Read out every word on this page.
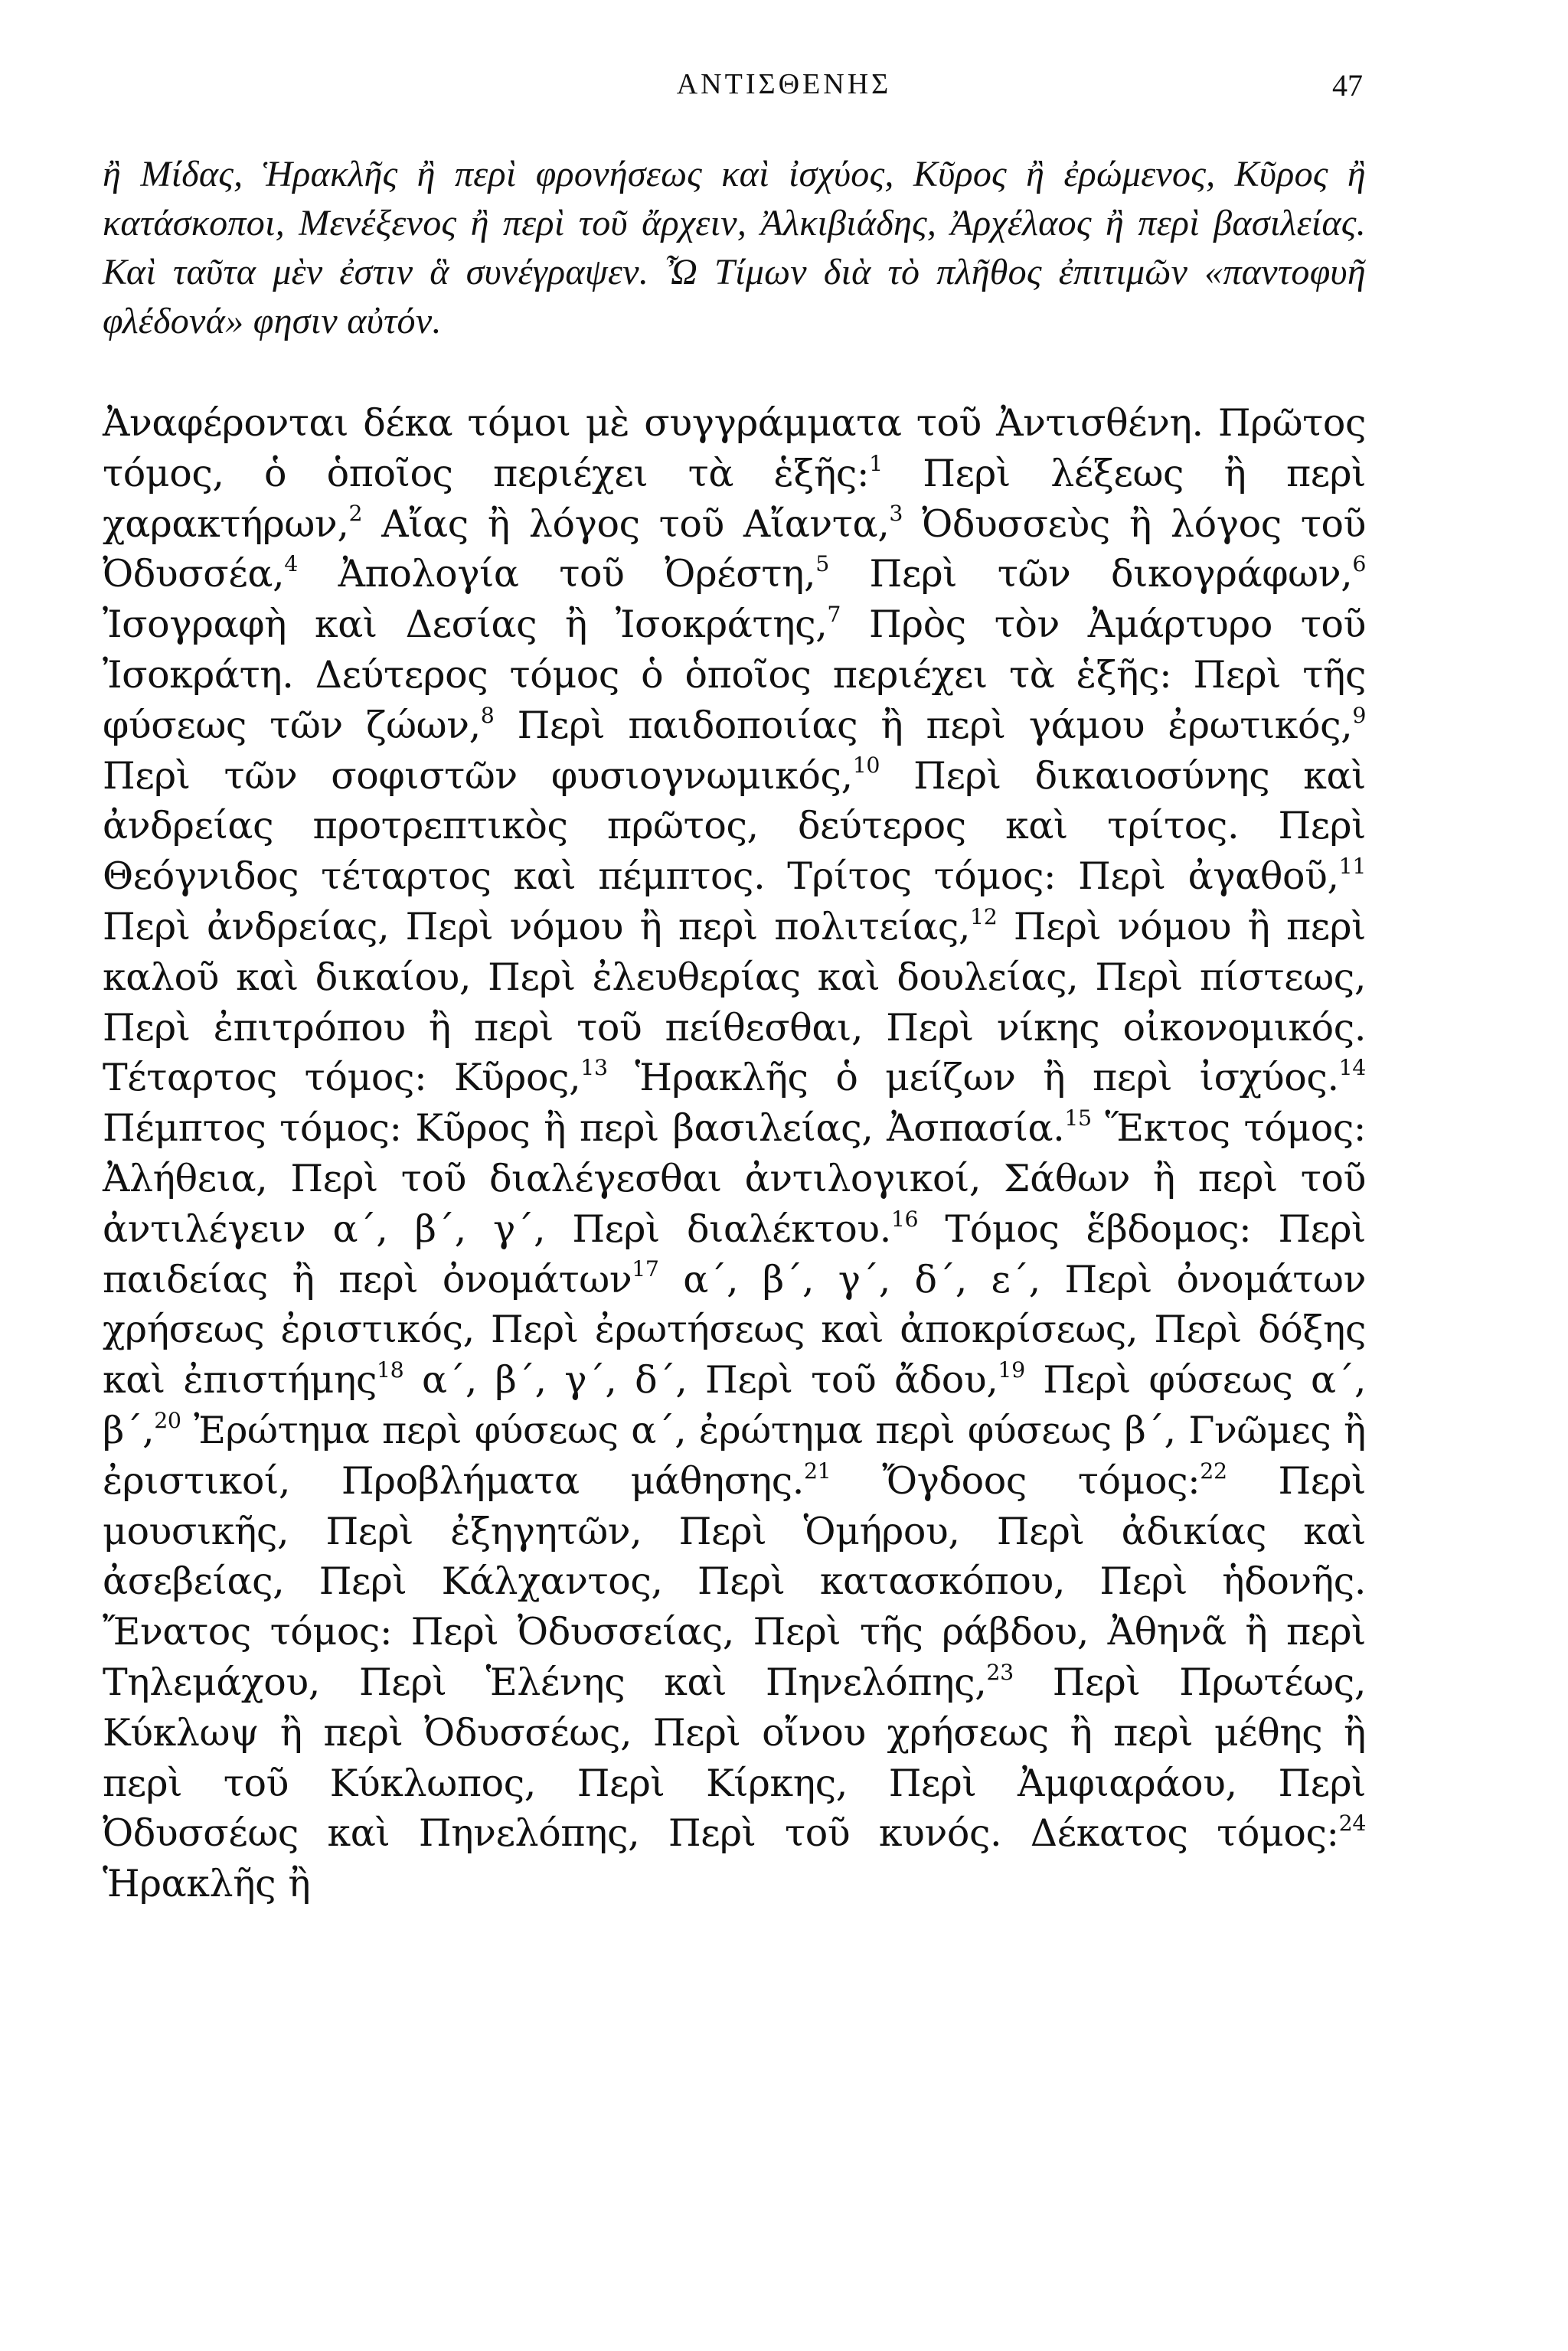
ΑΝΤΙΣΘΕΝΗΣ	47

ἢ Μίδας, Ἡρακλῆς ἢ περὶ φρονήσεως καὶ ἰσχύος, Κῦρος ἢ ἐρώμενος, Κῦρος ἢ κατάσκοποι, Μενέξενος ἢ περὶ τοῦ ἄρχειν, Ἀλκιβιάδης, Ἀρχέλαος ἢ περὶ βασιλείας. Καὶ ταῦτα μὲν ἐστιν ἃ συνέγραψεν. Ὦ Τίμων διὰ τὸ πλῆθος ἐπιτιμῶν «παντοφυῆ φλέδονά» φησιν αὐτόν.

Ἀναφέρονται δέκα τόμοι μὲ συγγράμματα τοῦ Ἀντισθένη. Πρῶτος τόμος, ὁ ὁποῖος περιέχει τὰ ἑξῆς:$^1$ Περὶ λέξεως ἢ περὶ χαρακτήρων,$^2$ Αἴας ἢ λόγος τοῦ Αἴαντα,$^3$ Ὀδυσσεὺς ἢ λόγος τοῦ Ὀδυσσέα,$^4$ Ἀπολογία τοῦ Ὀρέστη,$^5$ Περὶ τῶν δικογράφων,$^6$ Ἰσογραφὴ καὶ Δεσίας ἢ Ἰσοκράτης,$^7$ Πρὸς τὸν Ἀμάρτυρο τοῦ Ἰσοκράτη. Δεύτερος τόμος ὁ ὁποῖος περιέχει τὰ ἑξῆς: Περὶ τῆς φύσεως τῶν ζώων,$^8$ Περὶ παιδοποιίας ἢ περὶ γάμου ἐρωτικός,$^9$ Περὶ τῶν σοφιστῶν φυσιογνωμικός,$^{10}$ Περὶ δικαιοσύνης καὶ ἀνδρείας προτρεπτικὸς πρῶτος, δεύτερος καὶ τρίτος. Περὶ Θεόγνιδος τέταρτος καὶ πέμπτος. Τρίτος τόμος: Περὶ ἀγαθοῦ,$^{11}$ Περὶ ἀνδρείας, Περὶ νόμου ἢ περὶ πολιτείας,$^{12}$ Περὶ νόμου ἢ περὶ καλοῦ καὶ δικαίου, Περὶ ἐλευθερίας καὶ δουλείας, Περὶ πίστεως, Περὶ ἐπιτρόπου ἢ περὶ τοῦ πείθεσθαι, Περὶ νίκης οἰκονομικός. Τέταρτος τόμος: Κῦρος,$^{13}$ Ἡρακλῆς ὁ μείζων ἢ περὶ ἰσχύος.$^{14}$ Πέμπτος τόμος: Κῦρος ἢ περὶ βασιλείας, Ἀσπασία.$^{15}$ Ἕκτος τόμος: Ἀλήθεια, Περὶ τοῦ διαλέγεσθαι ἀντιλογικοί, Σάθων ἢ περὶ τοῦ ἀντιλέγειν α΄, β΄, γ΄, Περὶ διαλέκτου.$^{16}$ Τόμος ἕβδομος: Περὶ παιδείας ἢ περὶ ὀνομάτων$^{17}$ α΄, β΄, γ΄, δ΄, ε΄, Περὶ ὀνομάτων χρήσεως ἐριστικός, Περὶ ἐρωτήσεως καὶ ἀποκρίσεως, Περὶ δόξης καὶ ἐπιστήμης$^{18}$ α΄, β΄, γ΄, δ΄, Περὶ τοῦ ἄδου,$^{19}$ Περὶ φύσεως α΄, β΄,$^{20}$ Ἐρώτημα περὶ φύσεως α΄, ἐρώτημα περὶ φύσεως β΄, Γνῶμες ἢ ἐριστικοί, Προβλήματα μάθησης.$^{21}$ Ὄγδοος τόμος:$^{22}$ Περὶ μουσικῆς, Περὶ ἐξηγητῶν, Περὶ Ὁμήρου, Περὶ ἀδικίας καὶ ἀσεβείας, Περὶ Κάλχαντος, Περὶ κατασκόπου, Περὶ ἡδονῆς. Ἔνατος τόμος: Περὶ Ὀδυσσείας, Περὶ τῆς ράβδου, Ἀθηνᾶ ἢ περὶ Τηλεμάχου, Περὶ Ἑλένης καὶ Πηνελόπης,$^{23}$ Περὶ Πρωτέως, Κύκλωψ ἢ περὶ Ὀδυσσέως, Περὶ οἴνου χρήσεως ἢ περὶ μέθης ἢ περὶ τοῦ Κύκλωπος, Περὶ Κίρκης, Περὶ Ἀμφιαράου, Περὶ Ὀδυσσέως καὶ Πηνελόπης, Περὶ τοῦ κυνός. Δέκατος τόμος:$^{24}$ Ἡρακλῆς ἢ
